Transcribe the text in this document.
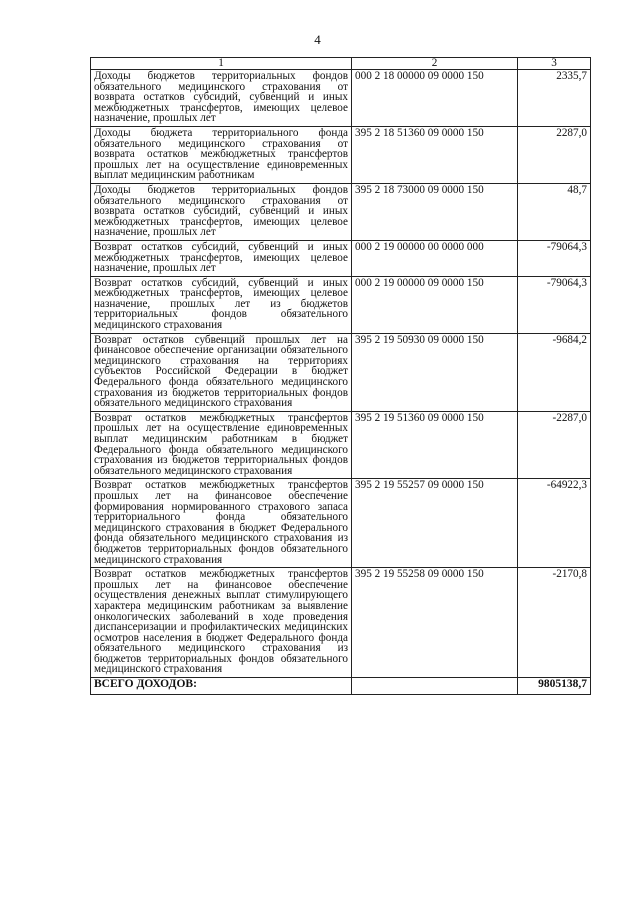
4
1	2	3
Доходы бюджетов территориальных фондов обязательного медицинского страхования от возврата остатков субсидий, субвенций и иных межбюджетных трансфертов, имеющих целевое назначение, прошлых лет	000 2 18 00000 09 0000 150	2335,7
Доходы бюджета территориального фонда обязательного медицинского страхования от возврата остатков межбюджетных трансфертов прошлых лет на осуществление единовременных выплат медицинским работникам	395 2 18 51360 09 0000 150	2287,0
Доходы бюджетов территориальных фондов обязательного медицинского страхования от возврата остатков субсидий, субвенций и иных межбюджетных трансфертов, имеющих целевое назначение, прошлых лет	395 2 18 73000 09 0000 150	48,7
Возврат остатков субсидий, субвенций и иных межбюджетных трансфертов, имеющих целевое назначение, прошлых лет	000 2 19 00000 00 0000 000	-79064,3
Возврат остатков субсидий, субвенций и иных межбюджетных трансфертов, имеющих целевое назначение, прошлых лет из бюджетов территориальных фондов обязательного медицинского страхования	000 2 19 00000 09 0000 150	-79064,3
Возврат остатков субвенций прошлых лет на финансовое обеспечение организации обязательного медицинского страхования на территориях субъектов Российской Федерации в бюджет Федерального фонда обязательного медицинского страхования из бюджетов территориальных фондов обязательного медицинского страхования	395 2 19 50930 09 0000 150	-9684,2
Возврат остатков межбюджетных трансфертов прошлых лет на осуществление единовременных выплат медицинским работникам в бюджет Федерального фонда обязательного медицинского страхования из бюджетов территориальных фондов обязательного медицинского страхования	395 2 19 51360 09 0000 150	-2287,0
Возврат остатков межбюджетных трансфертов прошлых лет на финансовое обеспечение формирования нормированного страхового запаса территориального фонда обязательного медицинского страхования в бюджет Федерального фонда обязательного медицинского страхования из бюджетов территориальных фондов обязательного медицинского страхования	395 2 19 55257 09 0000 150	-64922,3
Возврат остатков межбюджетных трансфертов прошлых лет на финансовое обеспечение осуществления денежных выплат стимулирующего характера медицинским работникам за выявление онкологических заболеваний в ходе проведения диспансеризации и профилактических медицинских осмотров населения в бюджет Федерального фонда обязательного медицинского страхования из бюджетов территориальных фондов обязательного медицинского страхования	395 2 19 55258 09 0000 150	-2170,8
ВСЕГО ДОХОДОВ:		9805138,7
